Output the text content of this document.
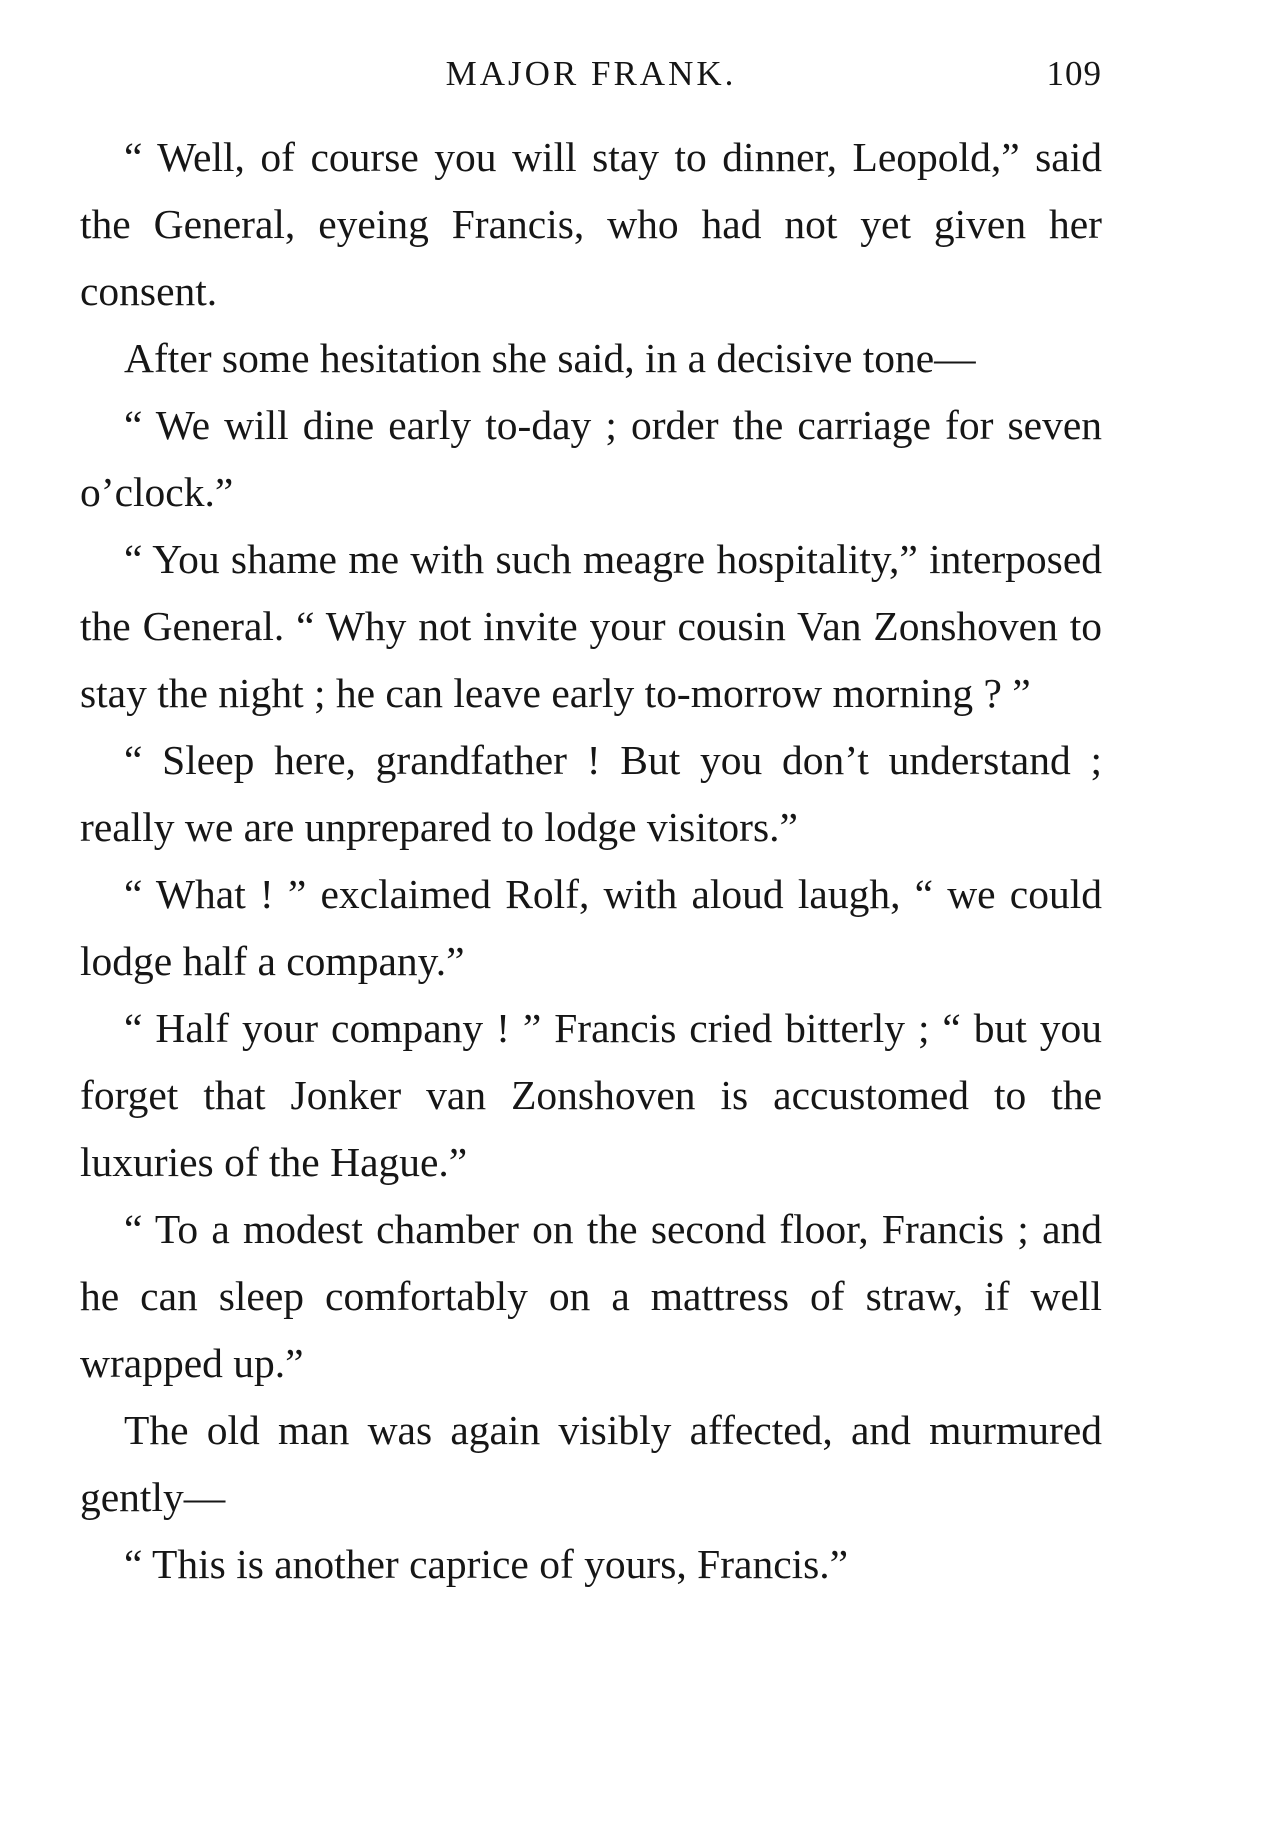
MAJOR FRANK.	109

“ Well, of course you will stay to dinner, Leopold,” said the General, eyeing Francis, who had not yet given her consent.

After some hesitation she said, in a decisive tone—

“ We will dine early to-day ; order the carriage for seven o’clock.”

“ You shame me with such meagre hospitality,” interposed the General. “ Why not invite your cousin Van Zonshoven to stay the night ; he can leave early to-morrow morning ? ”

“ Sleep here, grandfather ! But you don’t understand ; really we are unprepared to lodge visitors.”

“ What ! ” exclaimed Rolf, with aloud laugh, “ we could lodge half a company.”

“ Half your company ! ” Francis cried bitterly ; “ but you forget that Jonker van Zonshoven is accustomed to the luxuries of the Hague.”

“ To a modest chamber on the second floor, Francis ; and he can sleep comfortably on a mattress of straw, if well wrapped up.”

The old man was again visibly affected, and murmured gently—

“ This is another caprice of yours, Francis.”
